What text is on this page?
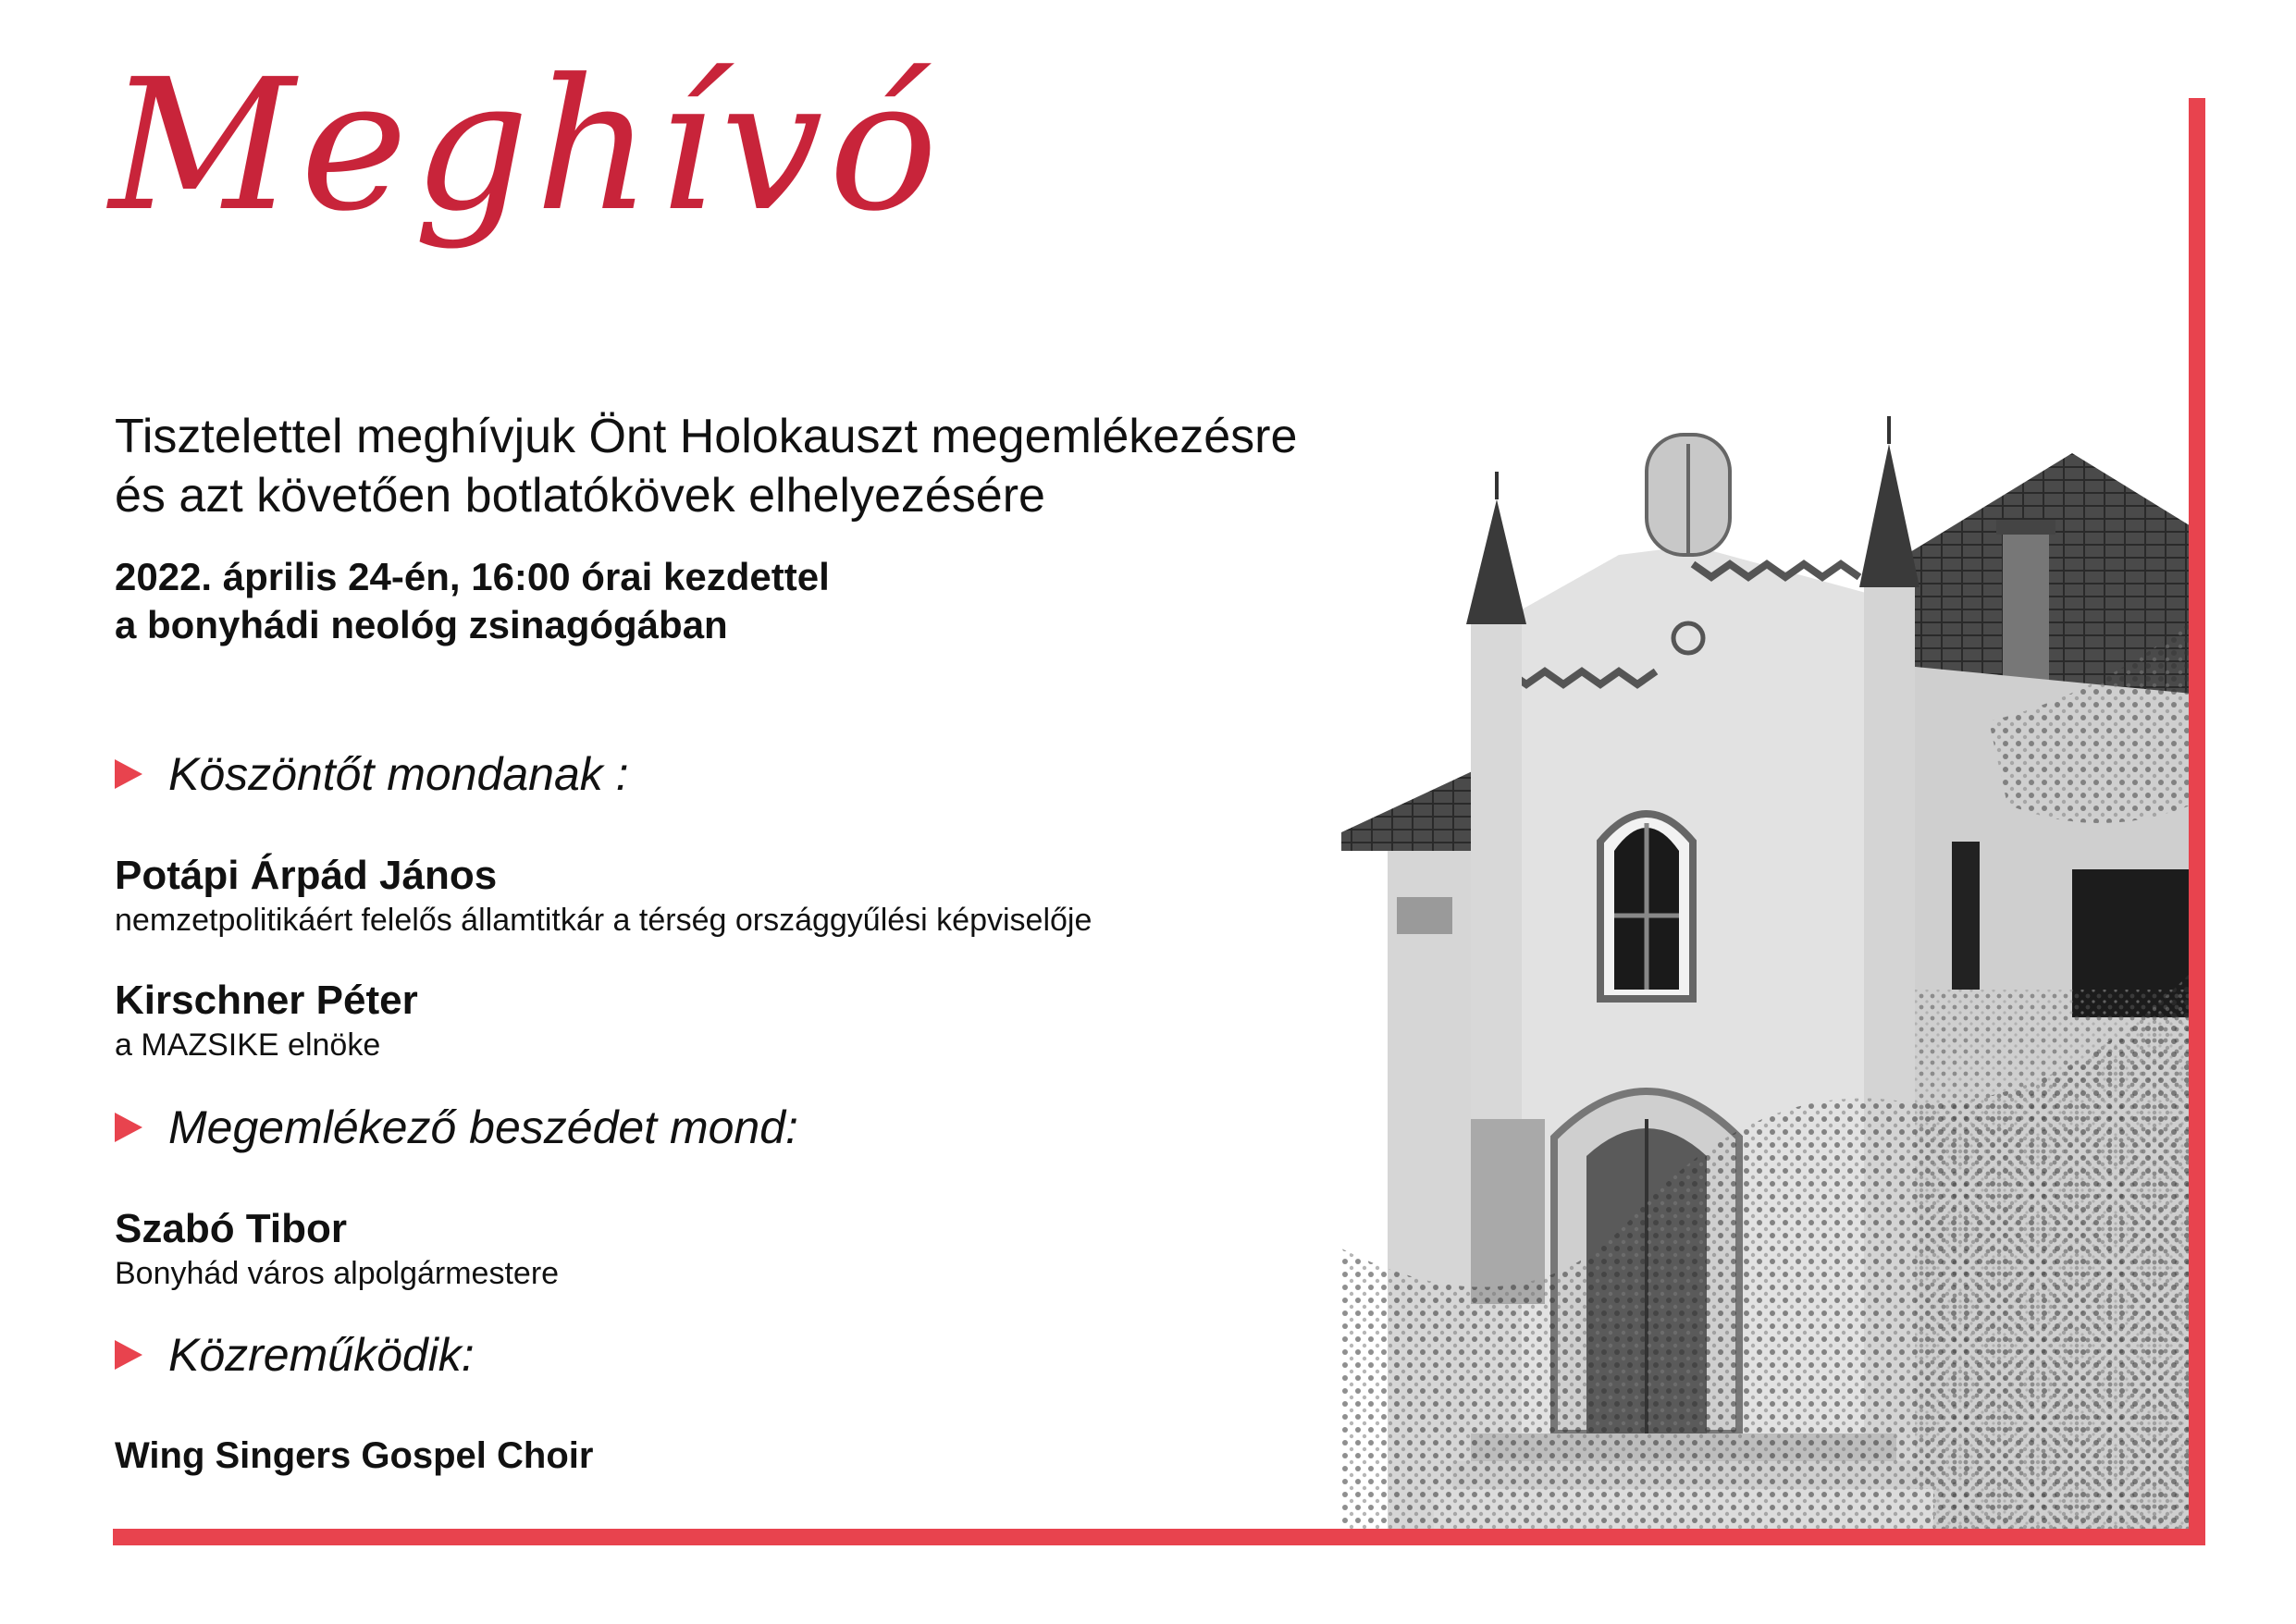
Meghívó
Tisztelettel meghívjuk Önt Holokauszt megemlékezésre
és azt követően botlatókövek elhelyezésére
2022. április 24-én, 16:00 órai kezdettel
a bonyhádi neológ zsinagógában
Köszöntőt mondanak :
Potápi Árpád János
nemzetpolitikáért felelős államtitkár a térség országgyűlési képviselője
Kirschner Péter
a MAZSIKE elnöke
Megemlékező beszédet mond:
Szabó Tibor
Bonyhád város alpolgármestere
Közreműködik:
Wing Singers Gospel Choir
